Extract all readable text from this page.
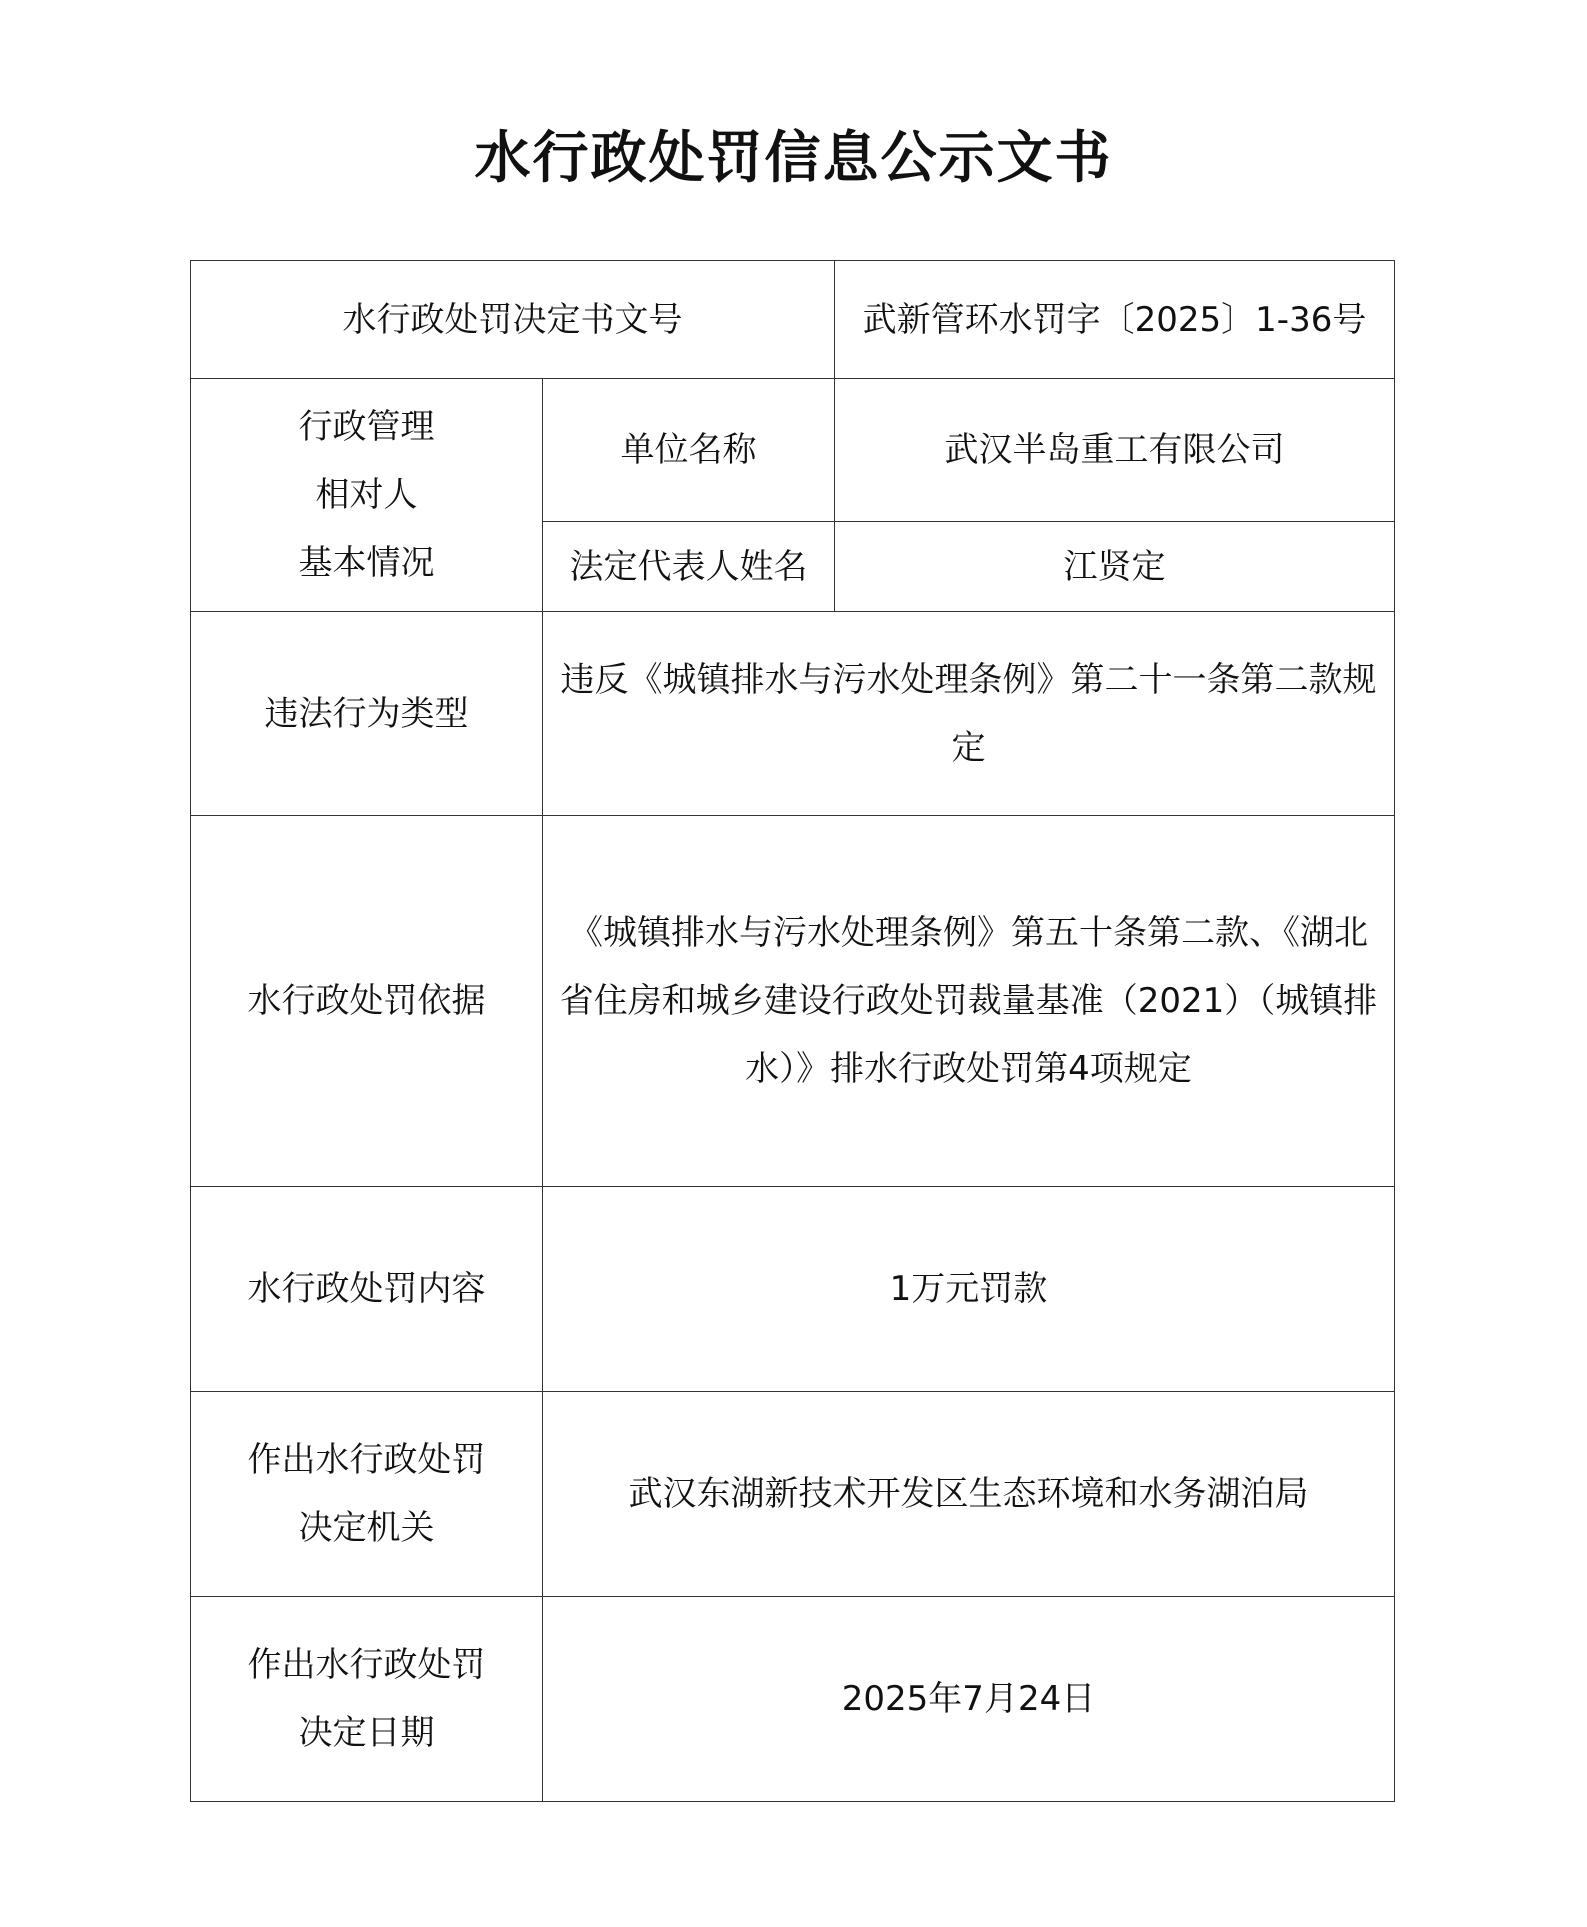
水行政处罚信息公示文书
水行政处罚决定书文号		武新管环水罚字〔2025〕1-36号

行政管理
相对人
基本情况	单位名称	武汉半岛重工有限公司
	法定代表人姓名	江贤定
违法行为类型	违反《城镇排水与污水处理条例》第二十一条第二款规定	
水行政处罚依据	《城镇排水与污水处理条例》第五十条第二款、《湖北省住房和城乡建设行政处罚裁量基准（2021）（城镇排水）》排水行政处罚第4项规定	
水行政处罚内容	1万元罚款	

作出水行政处罚
决定机关	武汉东湖新技术开发区生态环境和水务湖泊局	

作出水行政处罚
决定日期	2025年7月24日	
